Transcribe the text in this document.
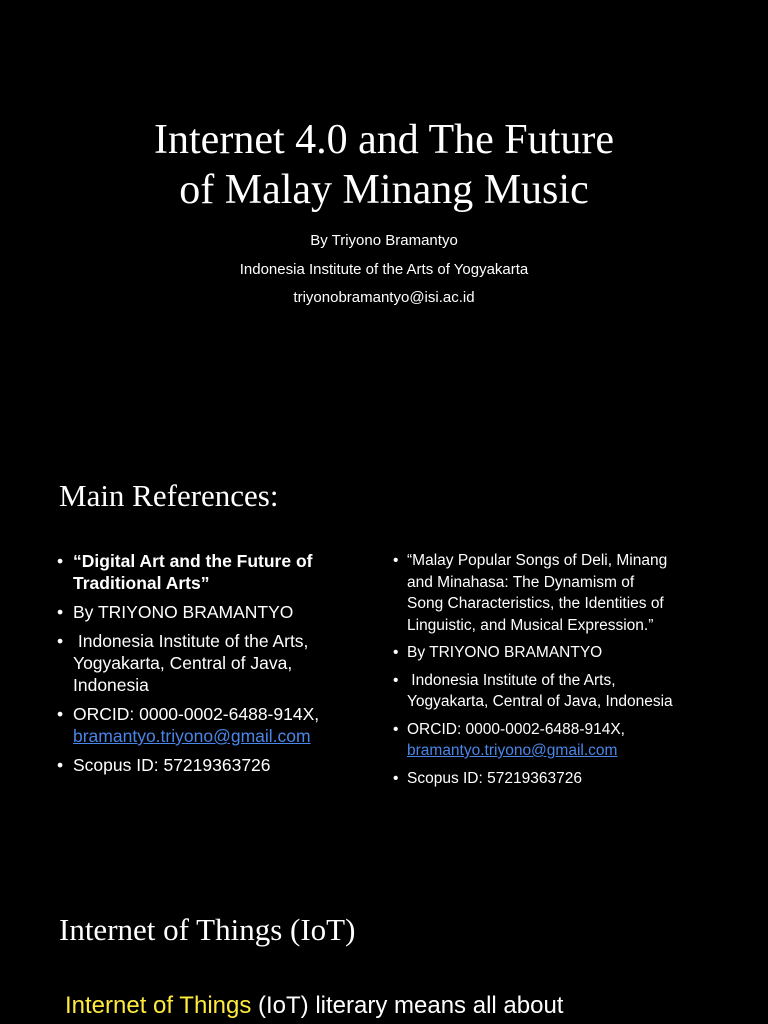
Internet 4.0 and The Future
of Malay Minang Music
By Triyono Bramantyo
Indonesia Institute of the Arts of Yogyakarta
triyonobramantyo@isi.ac.id
Main References:
• “Digital Art and the Future of
Traditional Arts”
• By TRIYONO BRAMANTYO
• Indonesia Institute of the Arts,
Yogyakarta, Central of Java,
Indonesia
• ORCID: 0000-0002-6488-914X,
bramantyo.triyono@gmail.com
• Scopus ID: 57219363726
• “Malay Popular Songs of Deli, Minang
and Minahasa: The Dynamism of
Song Characteristics, the Identities of
Linguistic, and Musical Expression.”
• By TRIYONO BRAMANTYO
• Indonesia Institute of the Arts,
Yogyakarta, Central of Java, Indonesia
• ORCID: 0000-0002-6488-914X,
bramantyo.triyono@gmail.com
• Scopus ID: 57219363726
Internet of Things (IoT)
Internet of Things (IoT) literary means all about
